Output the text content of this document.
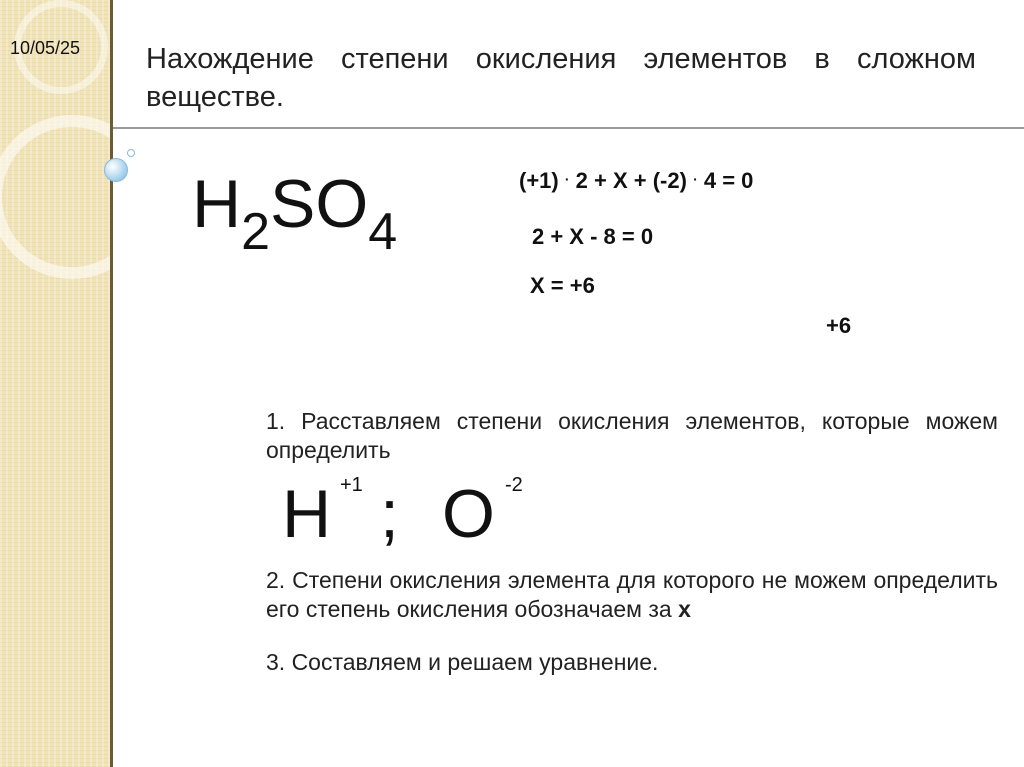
10/05/25 Нахождение степени окисления элементов в сложном веществе.
$H_2SO_4$
(+1) · 2 + X + (-2) · 4 = 0
2 + X - 8 = 0
X = +6
+6
1. Расставляем степени окисления элементов, которые можем определить
H +1 ; O -2
2. Степени окисления элемента для которого не можем определить его степень окисления обозначаем за x
3. Составляем и решаем уравнение.
